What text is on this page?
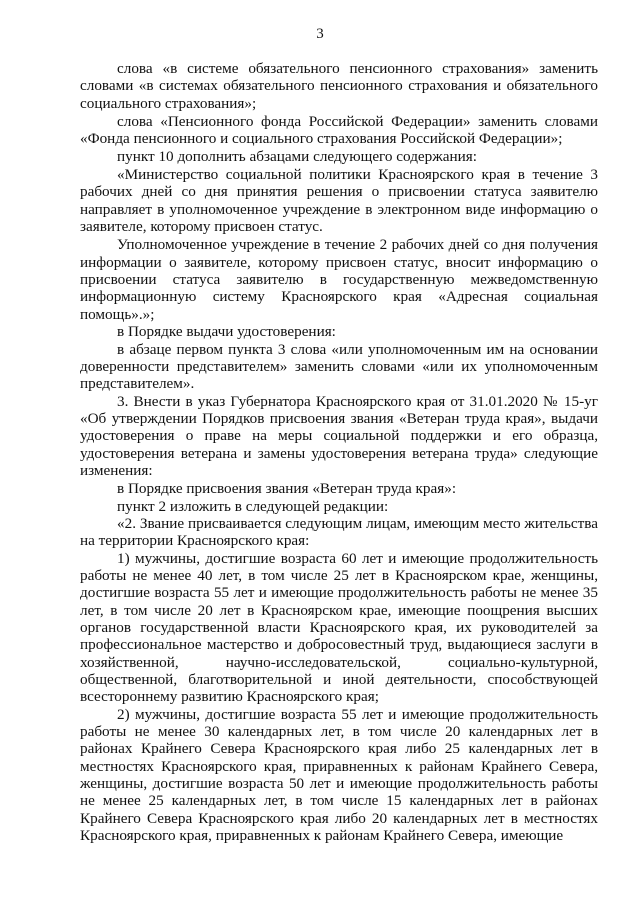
3

слова «в системе обязательного пенсионного страхования» заменить словами «в системах обязательного пенсионного страхования и обязательного социального страхования»;

слова «Пенсионного фонда Российской Федерации» заменить словами «Фонда пенсионного и социального страхования Российской Федерации»;

пункт 10 дополнить абзацами следующего содержания:

«Министерство социальной политики Красноярского края в течение 3 рабочих дней со дня принятия решения о присвоении статуса заявителю направляет в уполномоченное учреждение в электронном виде информацию о заявителе, которому присвоен статус.

Уполномоченное учреждение в течение 2 рабочих дней со дня получения информации о заявителе, которому присвоен статус, вносит информацию о присвоении статуса заявителю в государственную межведомственную информационную систему Красноярского края «Адресная социальная помощь».»;

в Порядке выдачи удостоверения:

в абзаце первом пункта 3 слова «или уполномоченным им на основании доверенности представителем» заменить словами «или их уполномоченным представителем».

3. Внести в указ Губернатора Красноярского края от 31.01.2020 № 15-уг «Об утверждении Порядков присвоения звания «Ветеран труда края», выдачи удостоверения о праве на меры социальной поддержки и его образца, удостоверения ветерана и замены удостоверения ветерана труда» следующие изменения:

в Порядке присвоения звания «Ветеран труда края»:

пункт 2 изложить в следующей редакции:

«2. Звание присваивается следующим лицам, имеющим место жительства на территории Красноярского края:

1) мужчины, достигшие возраста 60 лет и имеющие продолжительность работы не менее 40 лет, в том числе 25 лет в Красноярском крае, женщины, достигшие возраста 55 лет и имеющие продолжительность работы не менее 35 лет, в том числе 20 лет в Красноярском крае, имеющие поощрения высших органов государственной власти Красноярского края, их руководителей за профессиональное мастерство и добросовестный труд, выдающиеся заслуги в хозяйственной, научно-исследовательской, социально-культурной, общественной, благотворительной и иной деятельности, способствующей всестороннему развитию Красноярского края;

2) мужчины, достигшие возраста 55 лет и имеющие продолжительность работы не менее 30 календарных лет, в том числе 20 календарных лет в районах Крайнего Севера Красноярского края либо 25 календарных лет в местностях Красноярского края, приравненных к районам Крайнего Севера, женщины, достигшие возраста 50 лет и имеющие продолжительность работы не менее 25 календарных лет, в том числе 15 календарных лет в районах Крайнего Севера Красноярского края либо 20 календарных лет в местностях Красноярского края, приравненных к районам Крайнего Севера, имеющие
